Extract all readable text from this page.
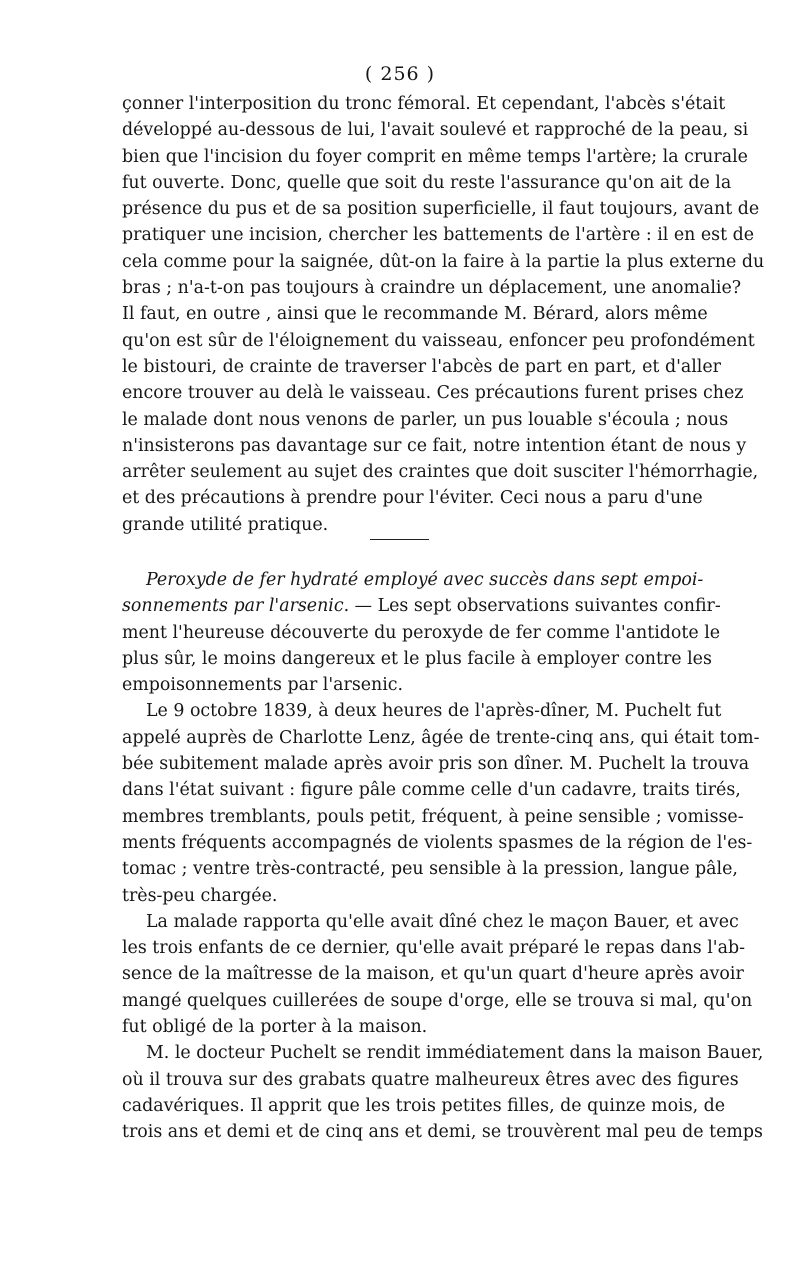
( 256 )
çonner l'interposition du tronc fémoral. Et cependant, l'abcès s'était
développé au-dessous de lui, l'avait soulevé et rapproché de la peau, si
bien que l'incision du foyer comprit en même temps l'artère; la crurale
fut ouverte. Donc, quelle que soit du reste l'assurance qu'on ait de la
présence du pus et de sa position superficielle, il faut toujours, avant de
pratiquer une incision, chercher les battements de l'artère : il en est de
cela comme pour la saignée, dût-on la faire à la partie la plus externe du
bras ; n'a-t-on pas toujours à craindre un déplacement, une anomalie?
Il faut, en outre , ainsi que le recommande M. Bérard, alors même
qu'on est sûr de l'éloignement du vaisseau, enfoncer peu profondément
le bistouri, de crainte de traverser l'abcès de part en part, et d'aller
encore trouver au delà le vaisseau. Ces précautions furent prises chez
le malade dont nous venons de parler, un pus louable s'écoula ; nous
n'insisterons pas davantage sur ce fait, notre intention étant de nous y
arrêter seulement au sujet des craintes que doit susciter l'hémorrhagie,
et des précautions à prendre pour l'éviter. Ceci nous a paru d'une
grande utilité pratique.
Peroxyde de fer hydraté employé avec succès dans sept empoi-
sonnements par l'arsenic. — Les sept observations suivantes confir-
ment l'heureuse découverte du peroxyde de fer comme l'antidote le
plus sûr, le moins dangereux et le plus facile à employer contre les
empoisonnements par l'arsenic.
Le 9 octobre 1839, à deux heures de l'après-dîner, M. Puchelt fut
appelé auprès de Charlotte Lenz, âgée de trente-cinq ans, qui était tom-
bée subitement malade après avoir pris son dîner. M. Puchelt la trouva
dans l'état suivant : figure pâle comme celle d'un cadavre, traits tirés,
membres tremblants, pouls petit, fréquent, à peine sensible ; vomisse-
ments fréquents accompagnés de violents spasmes de la région de l'es-
tomac ; ventre très-contracté, peu sensible à la pression, langue pâle,
très-peu chargée.
La malade rapporta qu'elle avait dîné chez le maçon Bauer, et avec
les trois enfants de ce dernier, qu'elle avait préparé le repas dans l'ab-
sence de la maîtresse de la maison, et qu'un quart d'heure après avoir
mangé quelques cuillerées de soupe d'orge, elle se trouva si mal, qu'on
fut obligé de la porter à la maison.
M. le docteur Puchelt se rendit immédiatement dans la maison Bauer,
où il trouva sur des grabats quatre malheureux êtres avec des figures
cadavériques. Il apprit que les trois petites filles, de quinze mois, de
trois ans et demi et de cinq ans et demi, se trouvèrent mal peu de temps
